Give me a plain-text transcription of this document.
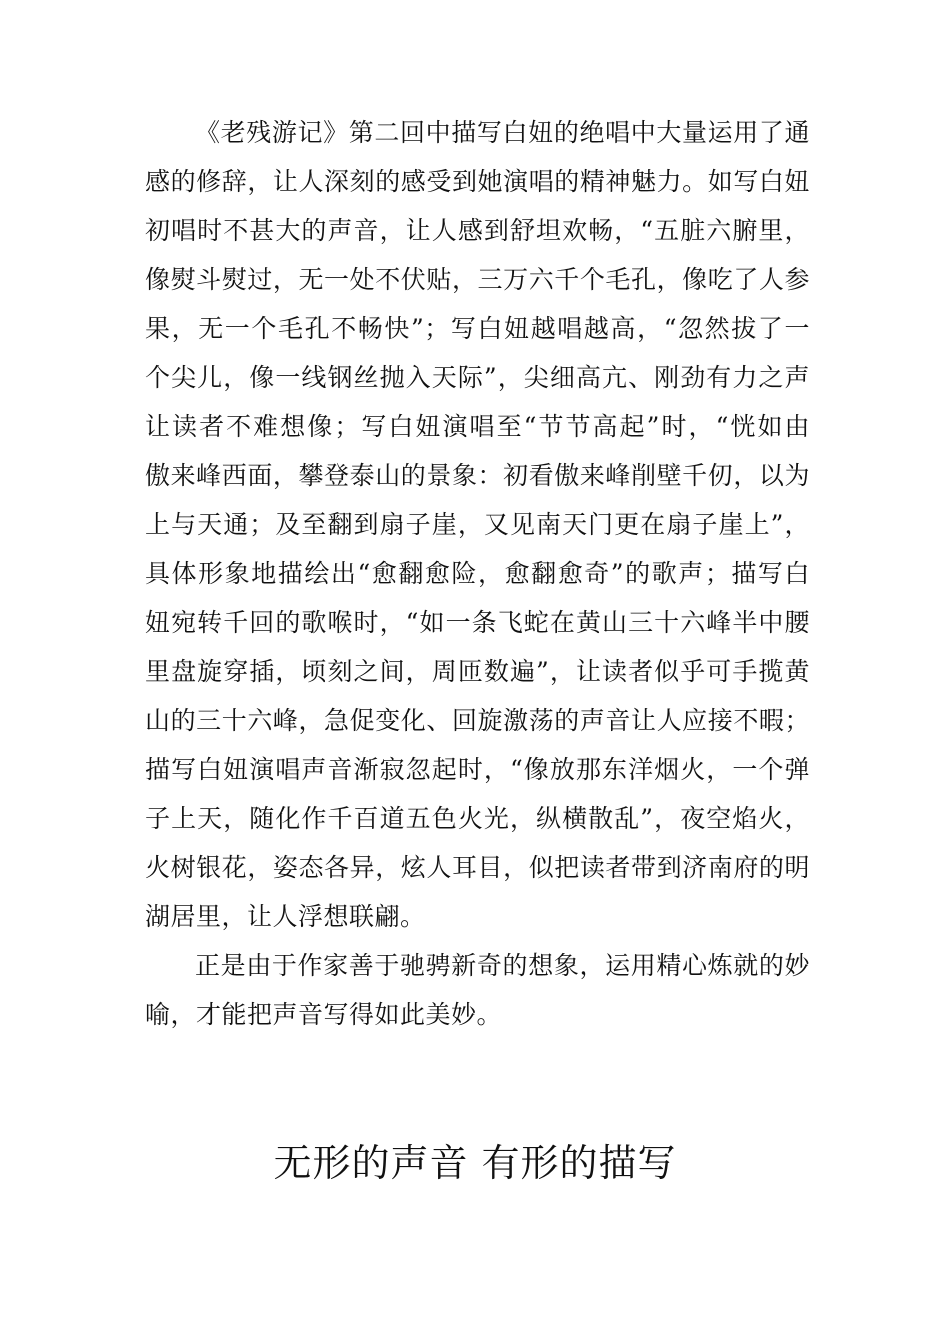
《老残游记》第二回中描写白妞的绝唱中大量运用了通
感的修辞，让人深刻的感受到她演唱的精神魅力。如写白妞
初唱时不甚大的声音，让人感到舒坦欢畅，“五脏六腑里，
像熨斗熨过，无一处不伏贴，三万六千个毛孔，像吃了人参
果，无一个毛孔不畅快”；写白妞越唱越高，“忽然拔了一
个尖儿，像一线钢丝抛入天际”，尖细高亢、刚劲有力之声
让读者不难想像；写白妞演唱至“节节高起”时，“恍如由
傲来峰西面，攀登泰山的景象：初看傲来峰削壁千仞，以为
上与天通；及至翻到扇子崖，又见南天门更在扇子崖上”，
具体形象地描绘出“愈翻愈险，愈翻愈奇”的歌声；描写白
妞宛转千回的歌喉时，“如一条飞蛇在黄山三十六峰半中腰
里盘旋穿插，顷刻之间，周匝数遍”，让读者似乎可手揽黄
山的三十六峰，急促变化、回旋激荡的声音让人应接不暇；
描写白妞演唱声音渐寂忽起时，“像放那东洋烟火，一个弹
子上天，随化作千百道五色火光，纵横散乱”，夜空焰火，
火树银花，姿态各异，炫人耳目，似把读者带到济南府的明
湖居里，让人浮想联翩。
正是由于作家善于驰骋新奇的想象，运用精心炼就的妙
喻，才能把声音写得如此美妙。
无形的声音 有形的描写
